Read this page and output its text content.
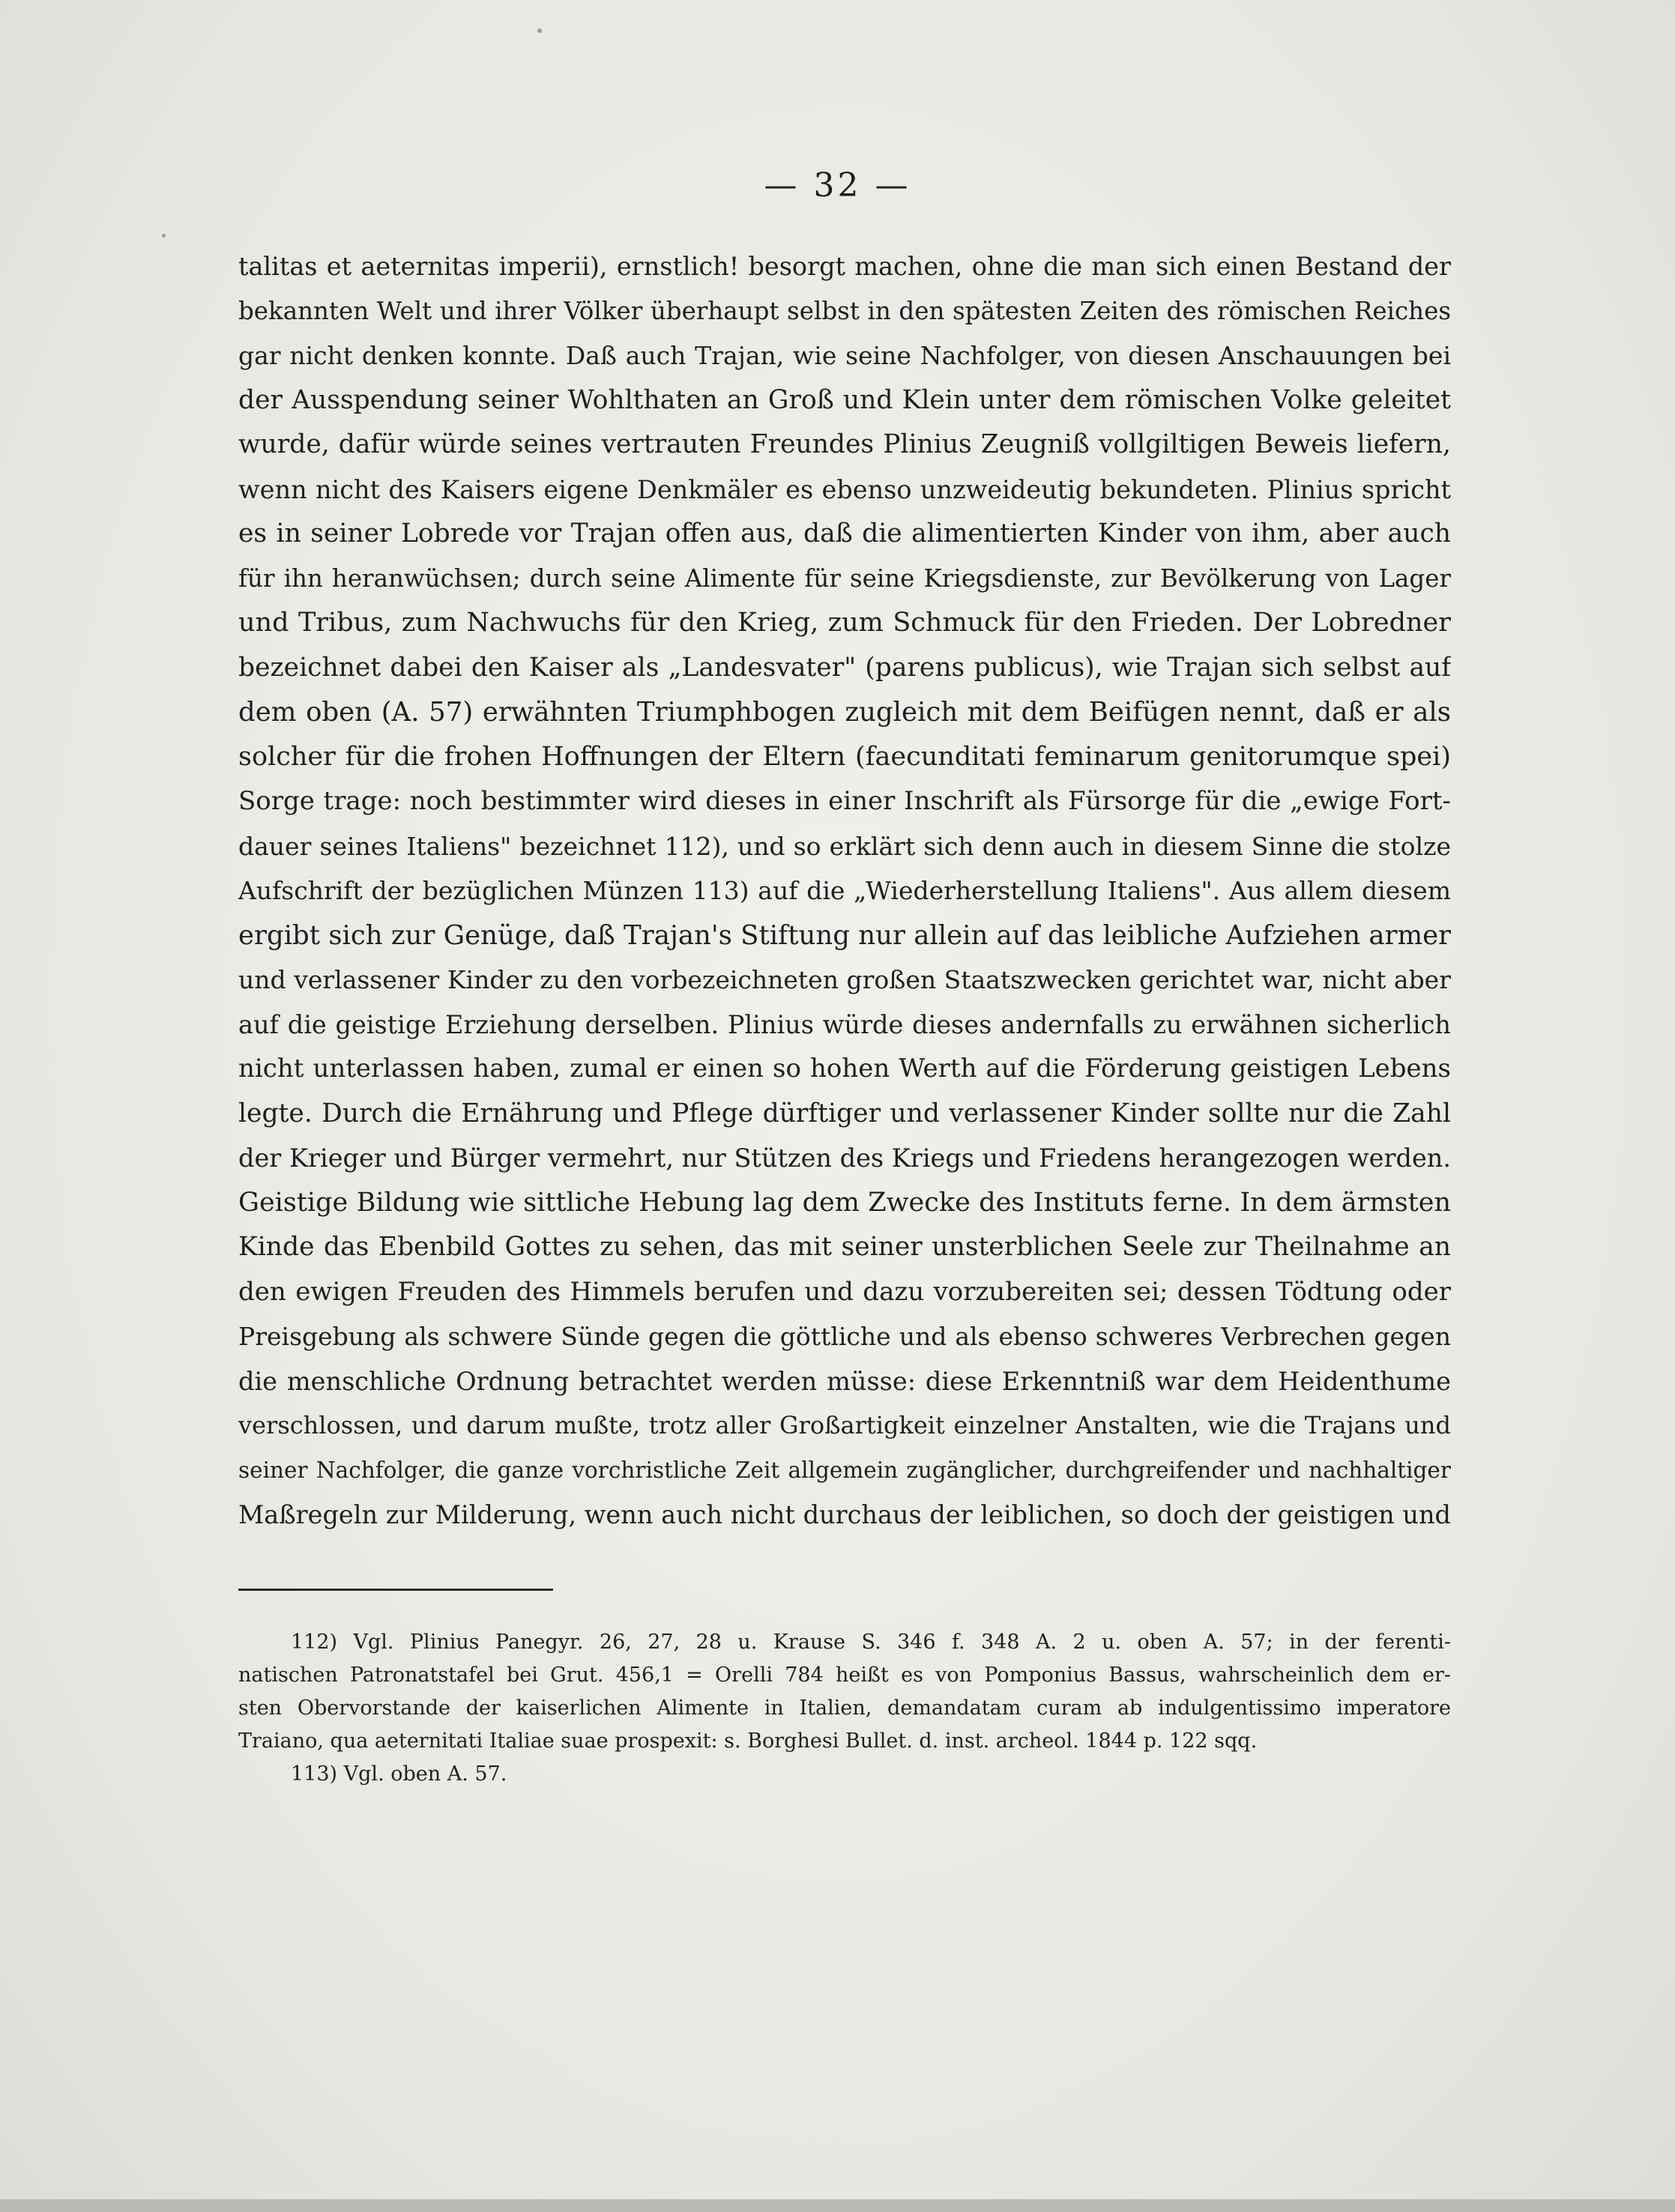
— 32 —
talitas et aeternitas imperii), ernstlich! besorgt machen, ohne die man sich einen Bestand der
bekannten Welt und ihrer Völker überhaupt selbst in den spätesten Zeiten des römischen Reiches
gar nicht denken konnte. Daß auch Trajan, wie seine Nachfolger, von diesen Anschauungen bei
der Ausspendung seiner Wohlthaten an Groß und Klein unter dem römischen Volke geleitet
wurde, dafür würde seines vertrauten Freundes Plinius Zeugniß vollgiltigen Beweis liefern,
wenn nicht des Kaisers eigene Denkmäler es ebenso unzweideutig bekundeten. Plinius spricht
es in seiner Lobrede vor Trajan offen aus, daß die alimentierten Kinder von ihm, aber auch
für ihn heranwüchsen; durch seine Alimente für seine Kriegsdienste, zur Bevölkerung von Lager
und Tribus, zum Nachwuchs für den Krieg, zum Schmuck für den Frieden. Der Lobredner
bezeichnet dabei den Kaiser als „Landesvater" (parens publicus), wie Trajan sich selbst auf
dem oben (A. 57) erwähnten Triumphbogen zugleich mit dem Beifügen nennt, daß er als
solcher für die frohen Hoffnungen der Eltern (faecunditati feminarum genitorumque spei)
Sorge trage: noch bestimmter wird dieses in einer Inschrift als Fürsorge für die „ewige Fort-
dauer seines Italiens" bezeichnet 112), und so erklärt sich denn auch in diesem Sinne die stolze
Aufschrift der bezüglichen Münzen 113) auf die „Wiederherstellung Italiens". Aus allem diesem
ergibt sich zur Genüge, daß Trajan's Stiftung nur allein auf das leibliche Aufziehen armer
und verlassener Kinder zu den vorbezeichneten großen Staatszwecken gerichtet war, nicht aber
auf die geistige Erziehung derselben. Plinius würde dieses andernfalls zu erwähnen sicherlich
nicht unterlassen haben, zumal er einen so hohen Werth auf die Förderung geistigen Lebens
legte. Durch die Ernährung und Pflege dürftiger und verlassener Kinder sollte nur die Zahl
der Krieger und Bürger vermehrt, nur Stützen des Kriegs und Friedens herangezogen werden.
Geistige Bildung wie sittliche Hebung lag dem Zwecke des Instituts ferne. In dem ärmsten
Kinde das Ebenbild Gottes zu sehen, das mit seiner unsterblichen Seele zur Theilnahme an
den ewigen Freuden des Himmels berufen und dazu vorzubereiten sei; dessen Tödtung oder
Preisgebung als schwere Sünde gegen die göttliche und als ebenso schweres Verbrechen gegen
die menschliche Ordnung betrachtet werden müsse: diese Erkenntniß war dem Heidenthume
verschlossen, und darum mußte, trotz aller Großartigkeit einzelner Anstalten, wie die Trajans und
seiner Nachfolger, die ganze vorchristliche Zeit allgemein zugänglicher, durchgreifender und nachhaltiger
Maßregeln zur Milderung, wenn auch nicht durchaus der leiblichen, so doch der geistigen und
112) Vgl. Plinius Panegyr. 26, 27, 28 u. Krause S. 346 f. 348 A. 2 u. oben A. 57; in der ferenti-
natischen Patronatstafel bei Grut. 456,1 = Orelli 784 heißt es von Pomponius Bassus, wahrscheinlich dem er-
sten Obervorstande der kaiserlichen Alimente in Italien, demandatam curam ab indulgentissimo imperatore
Traiano, qua aeternitati Italiae suae prospexit: s. Borghesi Bullet. d. inst. archeol. 1844 p. 122 sqq.
113) Vgl. oben A. 57.
